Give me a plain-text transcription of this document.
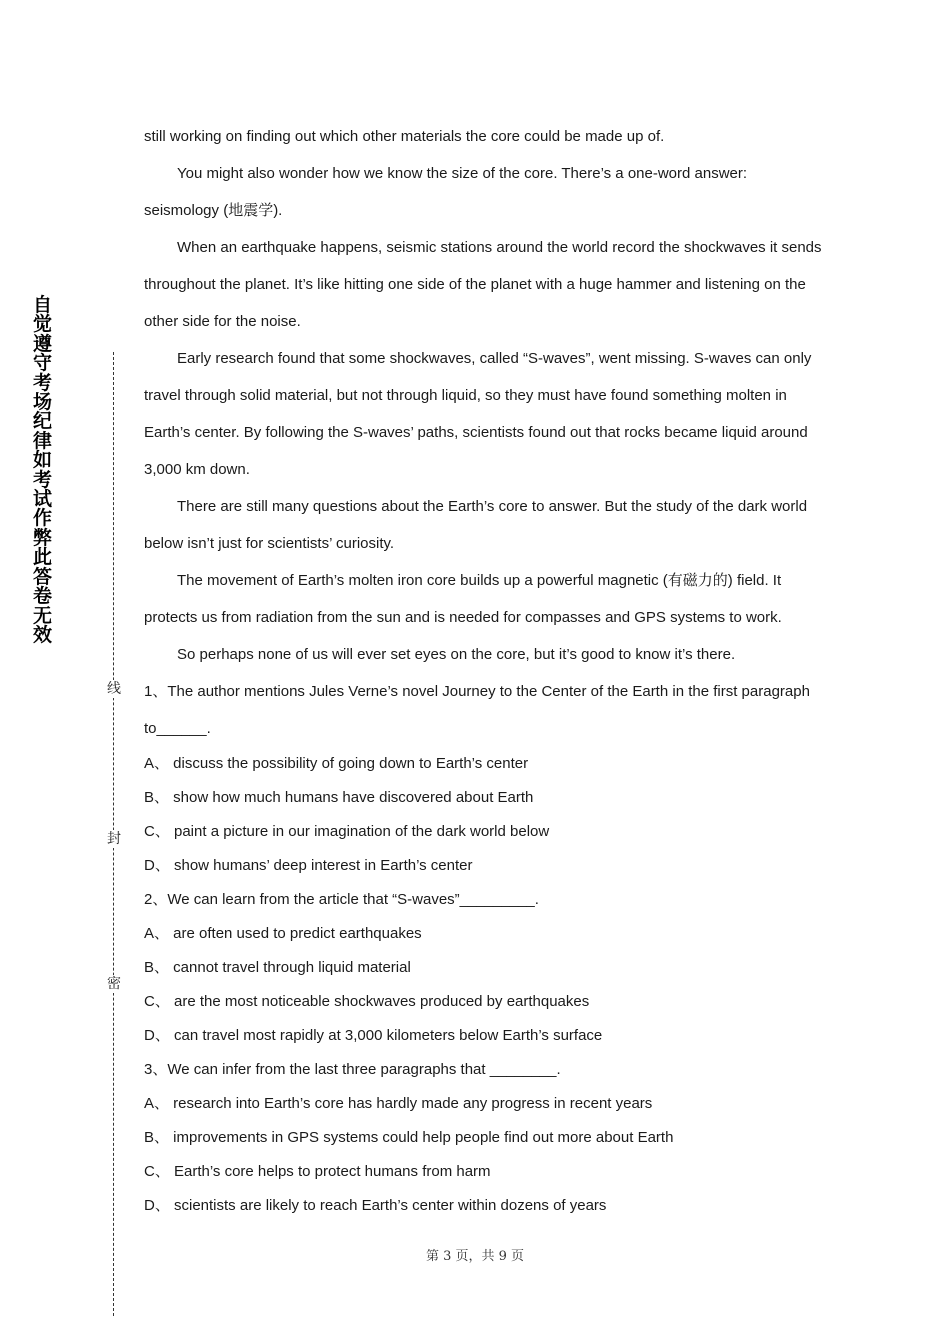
自觉遵守考场纪律如考试作弊此答卷无效
线
封
密

still working on finding out which other materials the core could be made up of.

You might also wonder how we know the size of the core. There’s a one-word answer: seismology (地震学).

When an earthquake happens, seismic stations around the world record the shockwaves it sends throughout the planet. It’s like hitting one side of the planet with a huge hammer and listening on the other side for the noise.

Early research found that some shockwaves, called “S-waves”, went missing. S-waves can only travel through solid material, but not through liquid, so they must have found something molten in Earth’s center. By following the S-waves’ paths, scientists found out that rocks became liquid around 3,000 km down.

There are still many questions about the Earth’s core to answer. But the study of the dark world below isn’t just for scientists’ curiosity.

The movement of Earth’s molten iron core builds up a powerful magnetic (有磁力的) field. It protects us from radiation from the sun and is needed for compasses and GPS systems to work.

So perhaps none of us will ever set eyes on the core, but it’s good to know it’s there.

1、The author mentions Jules Verne’s novel Journey to the Center of the Earth in the first paragraph to______.

A、 discuss the possibility of going down to Earth’s center

B、 show how much humans have discovered about Earth

C、 paint a picture in our imagination of the dark world below

D、 show humans’ deep interest in Earth’s center

2、We can learn from the article that “S-waves”_________.

A、 are often used to predict earthquakes

B、 cannot travel through liquid material

C、 are the most noticeable shockwaves produced by earthquakes

D、 can travel most rapidly at 3,000 kilometers below Earth’s surface

3、We can infer from the last three paragraphs that ________.

A、 research into Earth’s core has hardly made any progress in recent years

B、 improvements in GPS systems could help people find out more about Earth

C、 Earth’s core helps to protect humans from harm

D、 scientists are likely to reach Earth’s center within dozens of years

第 3 页，共 9 页
